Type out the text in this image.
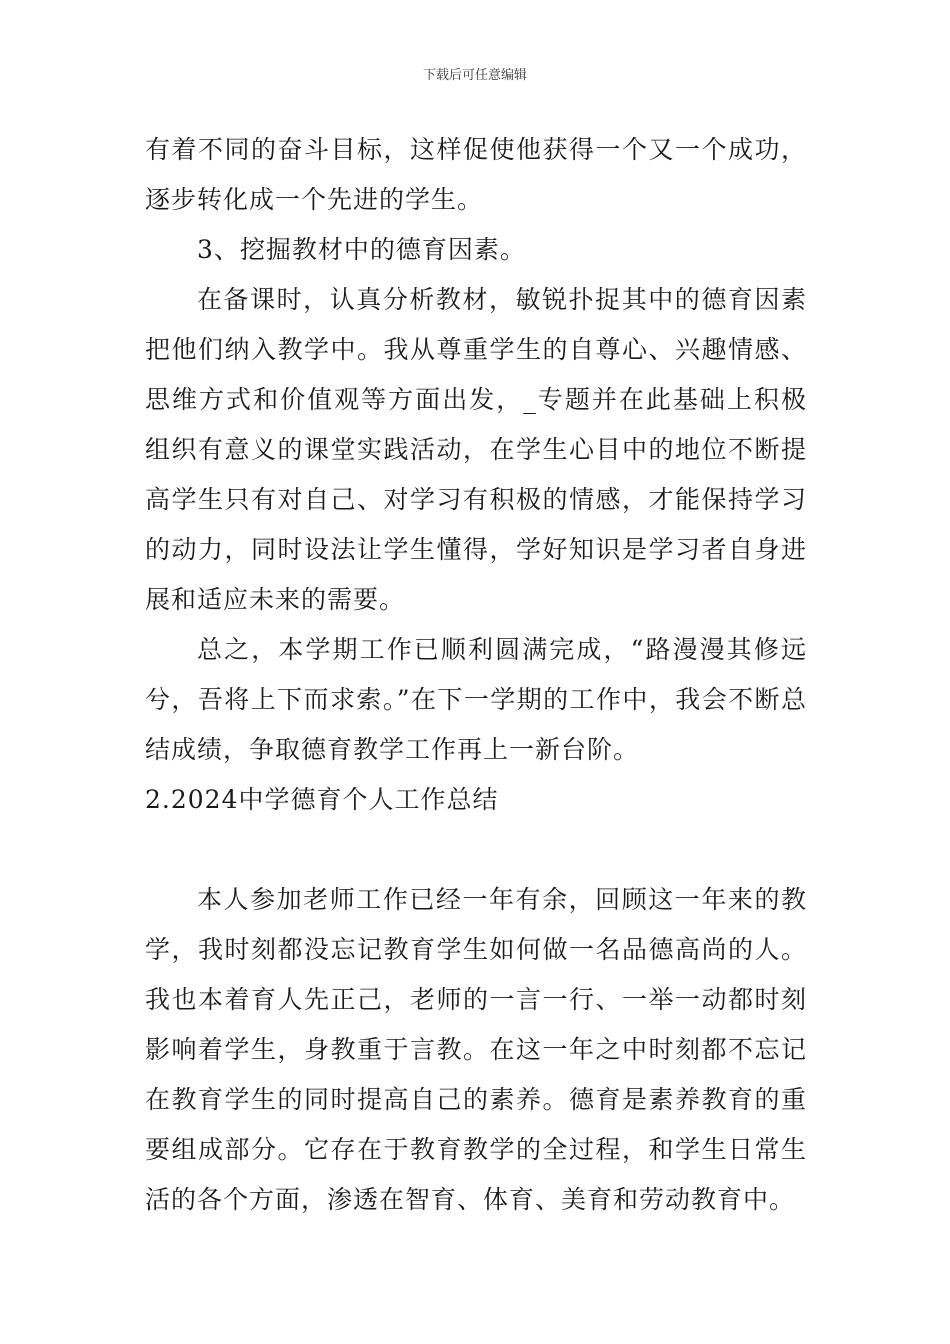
下载后可任意编辑

有着不同的奋斗目标，这样促使他获得一个又一个成功，逐步转化成一个先进的学生。

3、挖掘教材中的德育因素。

在备课时，认真分析教材，敏锐扑捉其中的德育因素把他们纳入教学中。我从尊重学生的自尊心、兴趣情感、思维方式和价值观等方面出发，_专题并在此基础上积极组织有意义的课堂实践活动，在学生心目中的地位不断提高学生只有对自己、对学习有积极的情感，才能保持学习的动力，同时设法让学生懂得，学好知识是学习者自身进展和适应未来的需要。

总之，本学期工作已顺利圆满完成，“路漫漫其修远兮，吾将上下而求索。”在下一学期的工作中，我会不断总结成绩，争取德育教学工作再上一新台阶。

2.2024中学德育个人工作总结

本人参加老师工作已经一年有余，回顾这一年来的教学，我时刻都没忘记教育学生如何做一名品德高尚的人。我也本着育人先正己，老师的一言一行、一举一动都时刻影响着学生，身教重于言教。在这一年之中时刻都不忘记在教育学生的同时提高自己的素养。德育是素养教育的重要组成部分。它存在于教育教学的全过程，和学生日常生活的各个方面，渗透在智育、体育、美育和劳动教育中。
